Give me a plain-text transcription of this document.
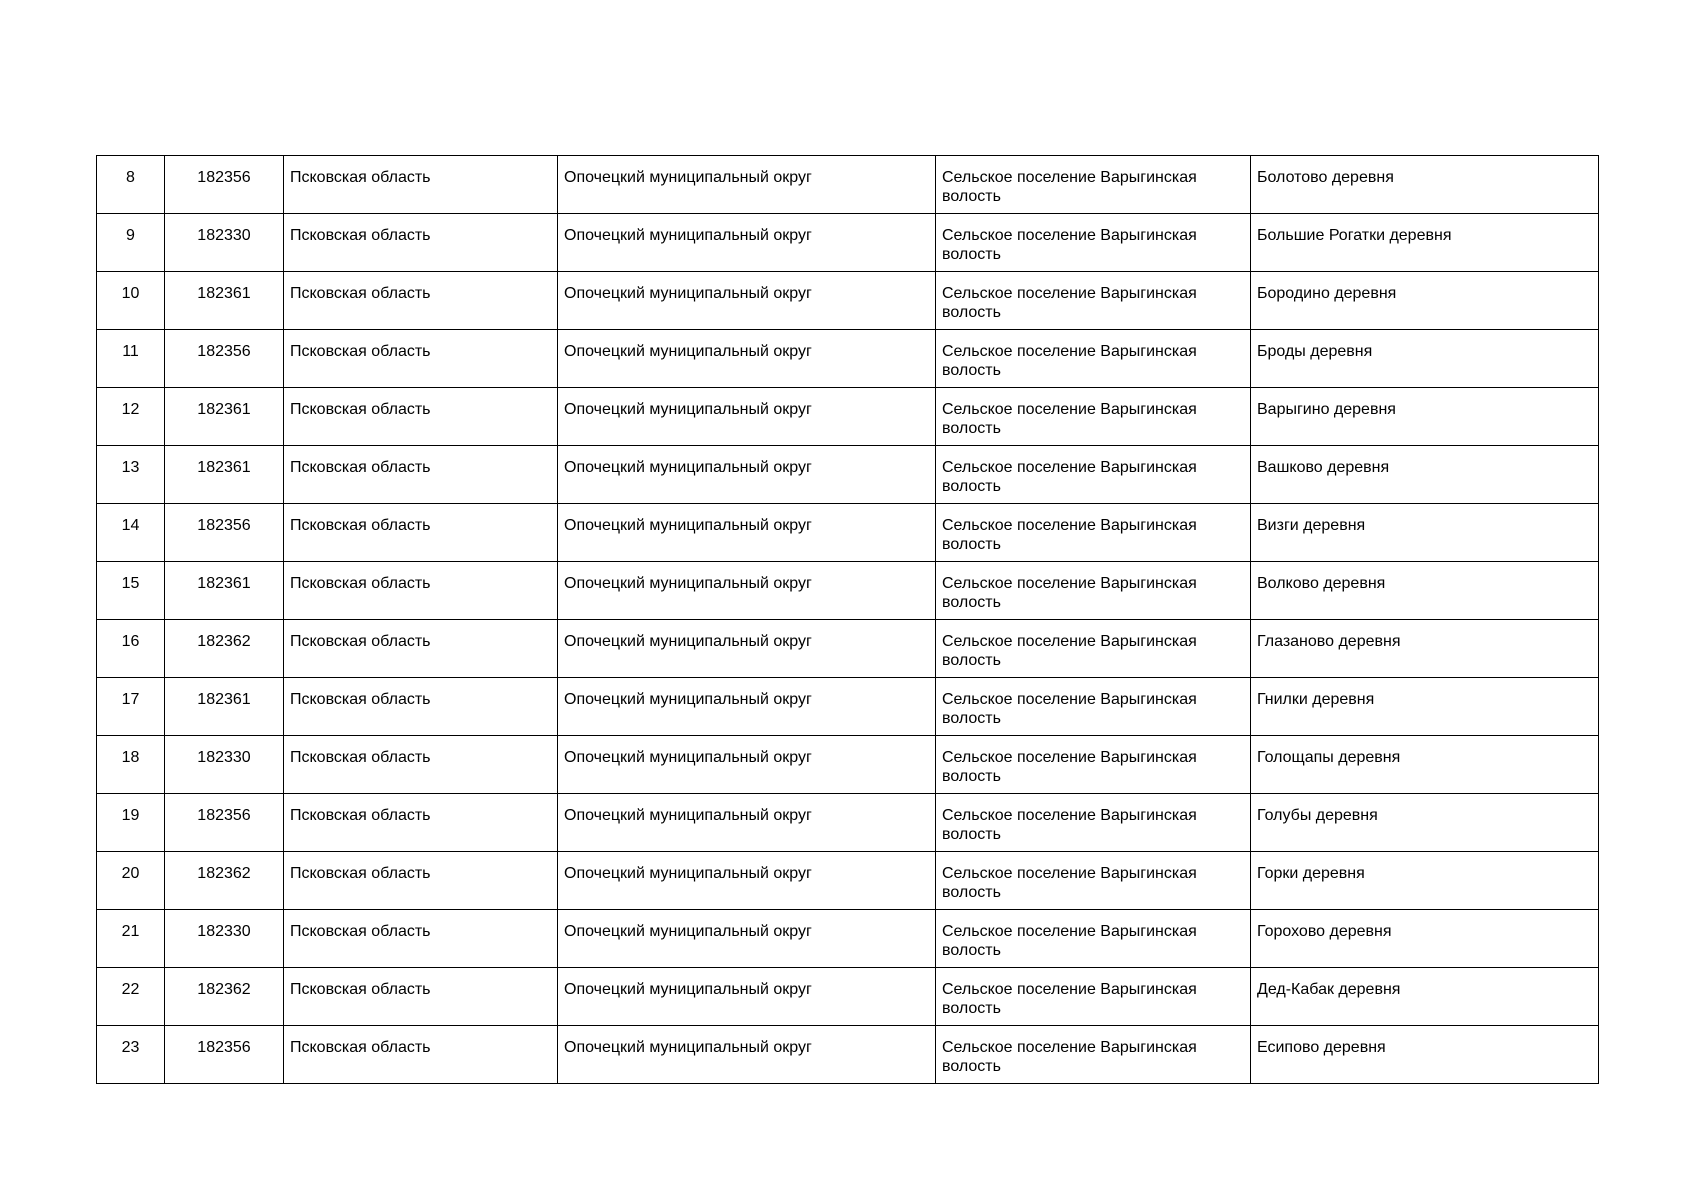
8	182356	Псковская область	Опочецкий муниципальный округ	Сельское поселение Варыгинская волость	Болотово деревня
9	182330	Псковская область	Опочецкий муниципальный округ	Сельское поселение Варыгинская волость	Большие Рогатки деревня
10	182361	Псковская область	Опочецкий муниципальный округ	Сельское поселение Варыгинская волость	Бородино деревня
11	182356	Псковская область	Опочецкий муниципальный округ	Сельское поселение Варыгинская волость	Броды деревня
12	182361	Псковская область	Опочецкий муниципальный округ	Сельское поселение Варыгинская волость	Варыгино деревня
13	182361	Псковская область	Опочецкий муниципальный округ	Сельское поселение Варыгинская волость	Вашково деревня
14	182356	Псковская область	Опочецкий муниципальный округ	Сельское поселение Варыгинская волость	Визги деревня
15	182361	Псковская область	Опочецкий муниципальный округ	Сельское поселение Варыгинская волость	Волково деревня
16	182362	Псковская область	Опочецкий муниципальный округ	Сельское поселение Варыгинская волость	Глазаново деревня
17	182361	Псковская область	Опочецкий муниципальный округ	Сельское поселение Варыгинская волость	Гнилки деревня
18	182330	Псковская область	Опочецкий муниципальный округ	Сельское поселение Варыгинская волость	Голощапы деревня
19	182356	Псковская область	Опочецкий муниципальный округ	Сельское поселение Варыгинская волость	Голубы деревня
20	182362	Псковская область	Опочецкий муниципальный округ	Сельское поселение Варыгинская волость	Горки деревня
21	182330	Псковская область	Опочецкий муниципальный округ	Сельское поселение Варыгинская волость	Горохово деревня
22	182362	Псковская область	Опочецкий муниципальный округ	Сельское поселение Варыгинская волость	Дед-Кабак деревня
23	182356	Псковская область	Опочецкий муниципальный округ	Сельское поселение Варыгинская волость	Есипово деревня
